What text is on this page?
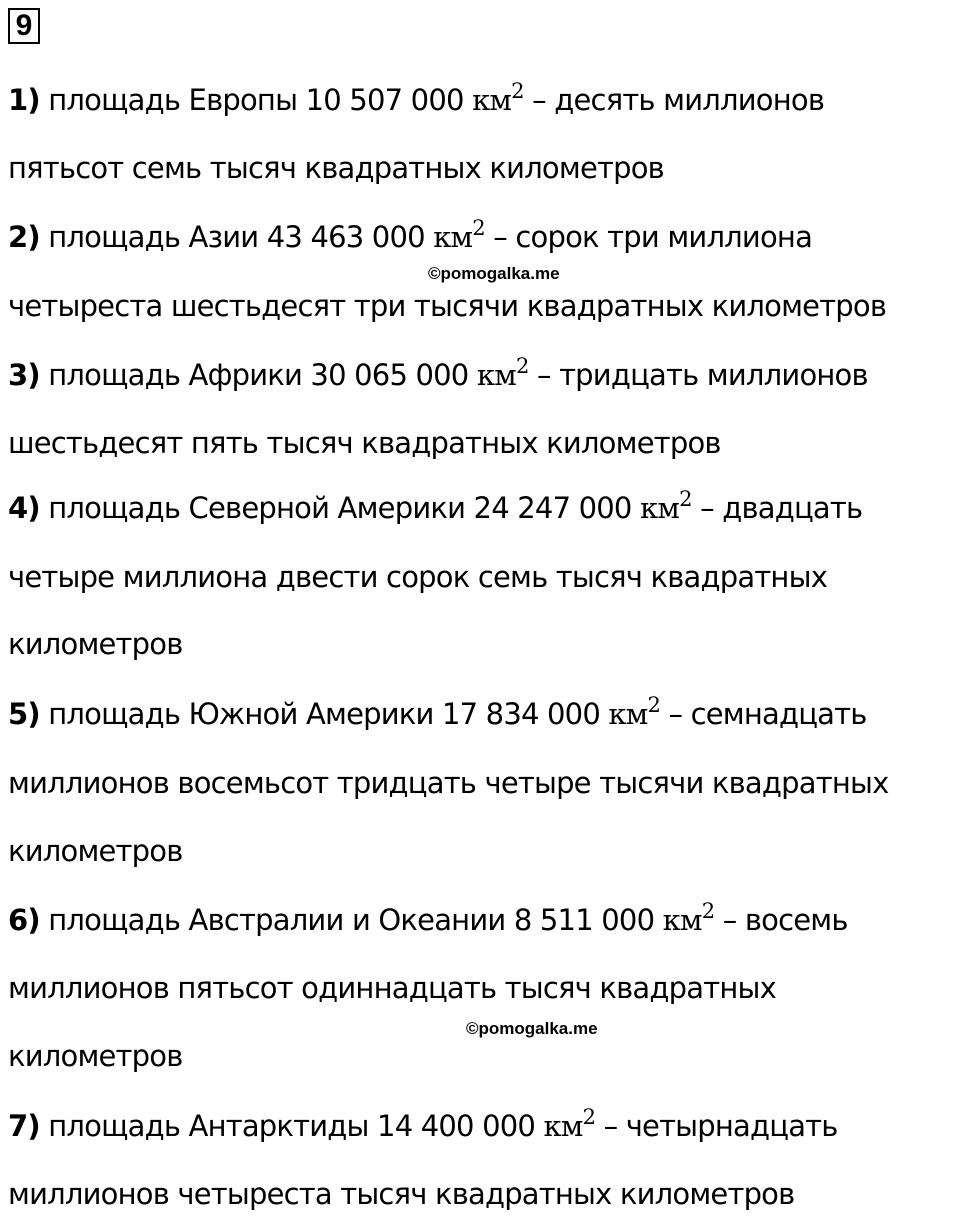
9
1) площадь Европы 10 507 000 $км^2$ – десять миллионов
пятьсот семь тысяч квадратных километров
2) площадь Азии 43 463 000 $км^2$ – сорок три миллиона
©pomogalka.me
четыреста шестьдесят три тысячи квадратных километров
3) площадь Африки 30 065 000 $км^2$ – тридцать миллионов
шестьдесят пять тысяч квадратных километров
4) площадь Северной Америки 24 247 000 $км^2$ – двадцать
четыре миллиона двести сорок семь тысяч квадратных
километров
5) площадь Южной Америки 17 834 000 $км^2$ – семнадцать
миллионов восемьсот тридцать четыре тысячи квадратных
километров
6) площадь Австралии и Океании 8 511 000 $км^2$ – восемь
миллионов пятьсот одиннадцать тысяч квадратных
©pomogalka.me
километров
7) площадь Антарктиды 14 400 000 $км^2$ – четырнадцать
миллионов четыреста тысяч квадратных километров
